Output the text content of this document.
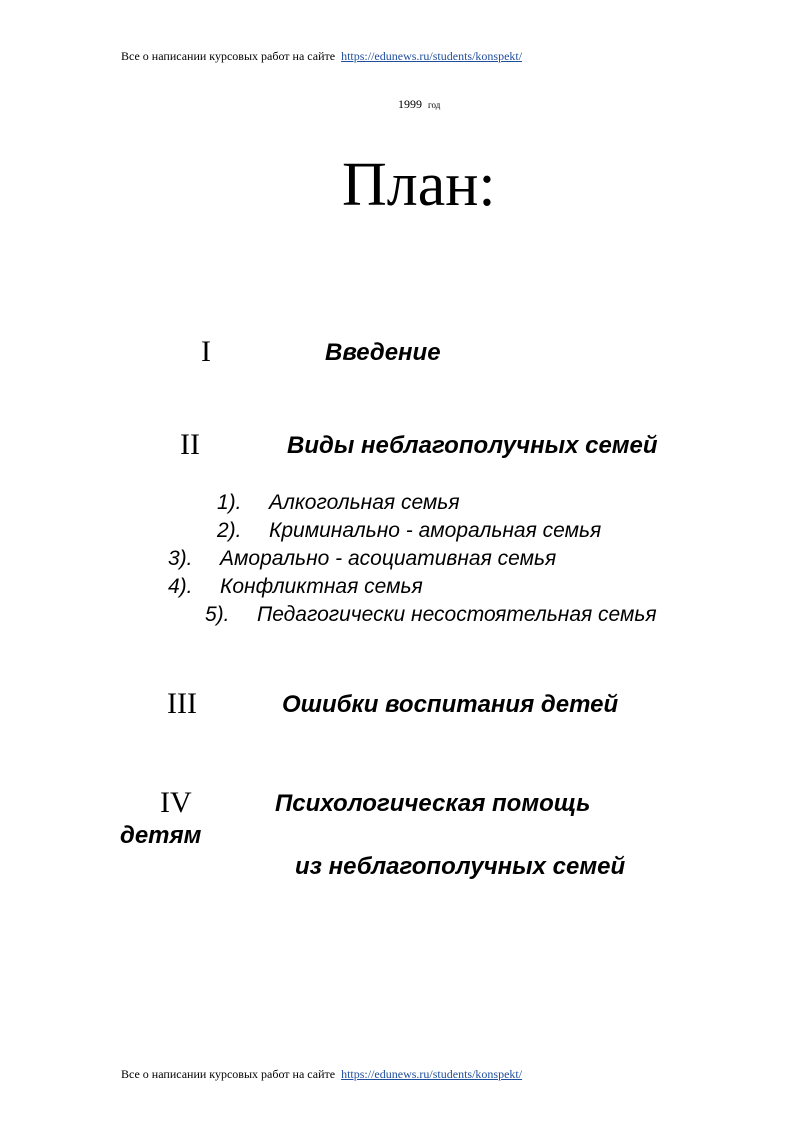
Все о написании курсовых работ на сайте https://edunews.ru/students/konspekt/
1999 год
План:
I	Введение
II	Виды неблагополучных семей
1). Алкогольная семья
2). Криминально - аморальная семья
3). Аморально - асоциативная семья
4). Конфликтная семья
5). Педагогически несостоятельная семья
III	Ошибки воспитания детей
IV	Психологическая помощь
детям
из неблагополучных семей
Все о написании курсовых работ на сайте https://edunews.ru/students/konspekt/
